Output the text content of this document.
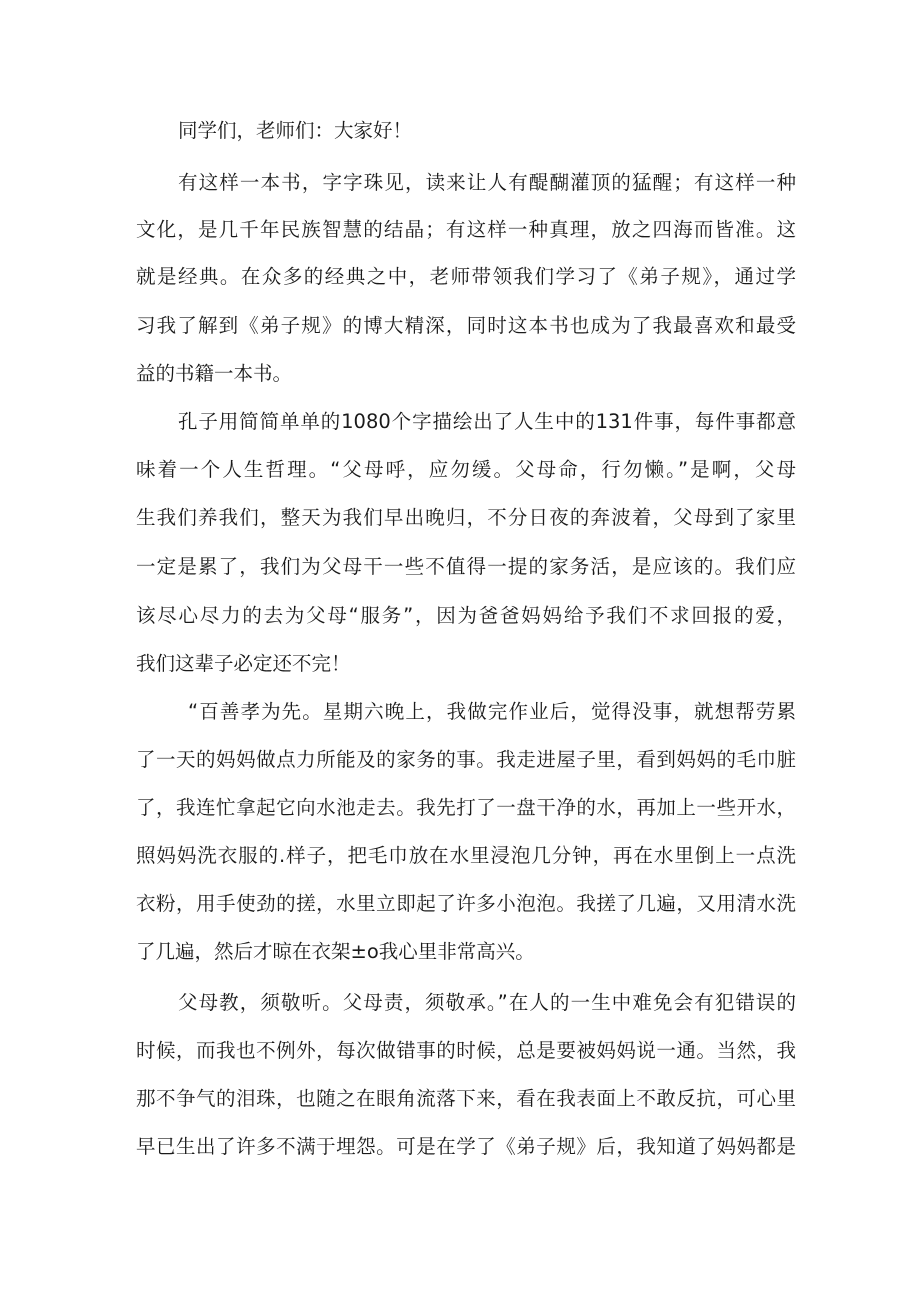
同学们，老师们：大家好！
有这样一本书，字字珠见，读来让人有醍醐灌顶的猛醒；有这样一种
文化，是几千年民族智慧的结晶；有这样一种真理，放之四海而皆准。这
就是经典。在众多的经典之中，老师带领我们学习了《弟子规》，通过学
习我了解到《弟子规》的博大精深，同时这本书也成为了我最喜欢和最受
益的书籍一本书。
孔子用简简单单的1080个字描绘出了人生中的131件事，每件事都意
味着一个人生哲理。“父母呼，应勿缓。父母命，行勿懒。”是啊，父母
生我们养我们，整天为我们早出晚归，不分日夜的奔波着，父母到了家里
一定是累了，我们为父母干一些不值得一提的家务活，是应该的。我们应
该尽心尽力的去为父母“服务”，因为爸爸妈妈给予我们不求回报的爱，
我们这辈子必定还不完！
“百善孝为先。星期六晚上，我做完作业后，觉得没事，就想帮劳累
了一天的妈妈做点力所能及的家务的事。我走进屋子里，看到妈妈的毛巾脏
了，我连忙拿起它向水池走去。我先打了一盘干净的水，再加上一些开水，
照妈妈洗衣服的.样子，把毛巾放在水里浸泡几分钟，再在水里倒上一点洗
衣粉，用手使劲的搓，水里立即起了许多小泡泡。我搓了几遍，又用清水洗
了几遍，然后才晾在衣架±o我心里非常高兴。
父母教，须敬听。父母责，须敬承。”在人的一生中难免会有犯错误的
时候，而我也不例外，每次做错事的时候，总是要被妈妈说一通。当然，我
那不争气的泪珠，也随之在眼角流落下来，看在我表面上不敢反抗，可心里
早已生出了许多不满于埋怨。可是在学了《弟子规》后，我知道了妈妈都是
